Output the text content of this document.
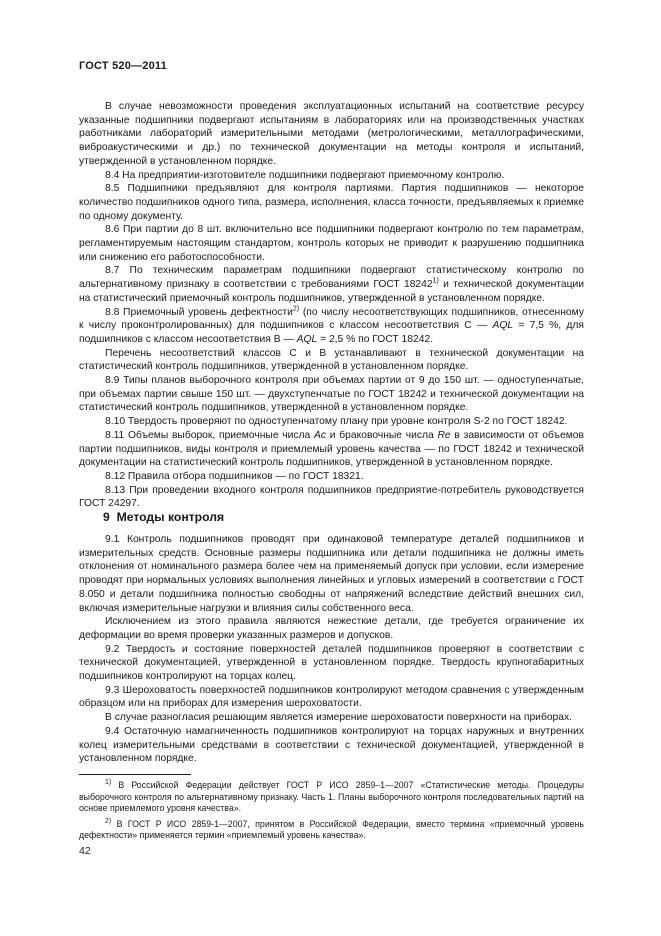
ГОСТ 520—2011

В случае невозможности проведения эксплуатационных испытаний на соответствие ресурсу указанные подшипники подвергают испытаниям в лабораториях или на производственных участках работниками лабораторий измерительными методами (метрологическими, металлографическими, виброакустическими и др.) по технической документации на методы контроля и испытаний, утвержденной в установленном порядке.

8.4 На предприятии-изготовителе подшипники подвергают приемочному контролю.

8.5 Подшипники предъявляют для контроля партиями. Партия подшипников — некоторое количество подшипников одного типа, размера, исполнения, класса точности, предъявляемых к приемке по одному документу.

8.6 При партии до 8 шт. включительно все подшипники подвергают контролю по тем параметрам, регламентируемым настоящим стандартом, контроль которых не приводит к разрушению подшипника или снижению его работоспособности.

8.7 По техническим параметрам подшипники подвергают статистическому контролю по альтернативному признаку в соответствии с требованиями ГОСТ 18242$^{1)}$ и технической документации на статистический приемочный контроль подшипников, утвержденной в установленном порядке.

8.8 Приемочный уровень дефектности$^{2)}$ (по числу несоответствующих подшипников, отнесенному к числу проконтролированных) для подшипников с классом несоответствия С — AQL = 7,5 %, для подшипников с классом несоответствия В — AQL = 2,5 % по ГОСТ 18242.

Перечень несоответствий классов С и В устанавливают в технической документации на статистический контроль подшипников, утвержденной в установленном порядке.

8.9 Типы планов выборочного контроля при объемах партии от 9 до 150 шт. — одноступенчатые, при объемах партии свыше 150 шт. — двухступенчатые по ГОСТ 18242 и технической документации на статистический контроль подшипников, утвержденной в установленном порядке.

8.10 Твердость проверяют по одноступенчатому плану при уровне контроля S-2 по ГОСТ 18242.

8.11 Объемы выборок, приемочные числа Ac и браковочные числа Re в зависимости от объемов партии подшипников, виды контроля и приемлемый уровень качества — по ГОСТ 18242 и технической документации на статистический контроль подшипников, утвержденной в установленном порядке.

8.12 Правила отбора подшипников — по ГОСТ 18321.

8.13 При проведении входного контроля подшипников предприятие-потребитель руководствуется ГОСТ 24297.

9 Методы контроля

9.1 Контроль подшипников проводят при одинаковой температуре деталей подшипников и измерительных средств. Основные размеры подшипника или детали подшипника не должны иметь отклонения от номинального размера более чем на применяемый допуск при условии, если измерение проводят при нормальных условиях выполнения линейных и угловых измерений в соответствии с ГОСТ 8.050 и детали подшипника полностью свободны от напряжений вследствие действий внешних сил, включая измерительные нагрузки и влияния силы собственного веса.

Исключением из этого правила являются нежесткие детали, где требуется ограничение их деформации во время проверки указанных размеров и допусков.

9.2 Твердость и состояние поверхностей деталей подшипников проверяют в соответствии с технической документацией, утвержденной в установленном порядке. Твердость крупногабаритных подшипников контролируют на торцах колец.

9.3 Шероховатость поверхностей подшипников контролируют методом сравнения с утвержденным образцом или на приборах для измерения шероховатости.

В случае разногласия решающим является измерение шероховатости поверхности на приборах.

9.4 Остаточную намагниченность подшипников контролируют на торцах наружных и внутренних колец измерительными средствами в соответствии с технической документацией, утвержденной в установленном порядке.

$^{1)}$ В Российской Федерации действует ГОСТ Р ИСО 2859–1—2007 «Статистические методы. Процедуры выборочного контроля по альтернативному признаку. Часть 1. Планы выборочного контроля последовательных партий на основе приемлемого уровня качества».

$^{2)}$ В ГОСТ Р ИСО 2859-1—2007, принятом в Российской Федерации, вместо термина «приемочный уровень дефектности» применяется термин «приемлемый уровень качества».

42
